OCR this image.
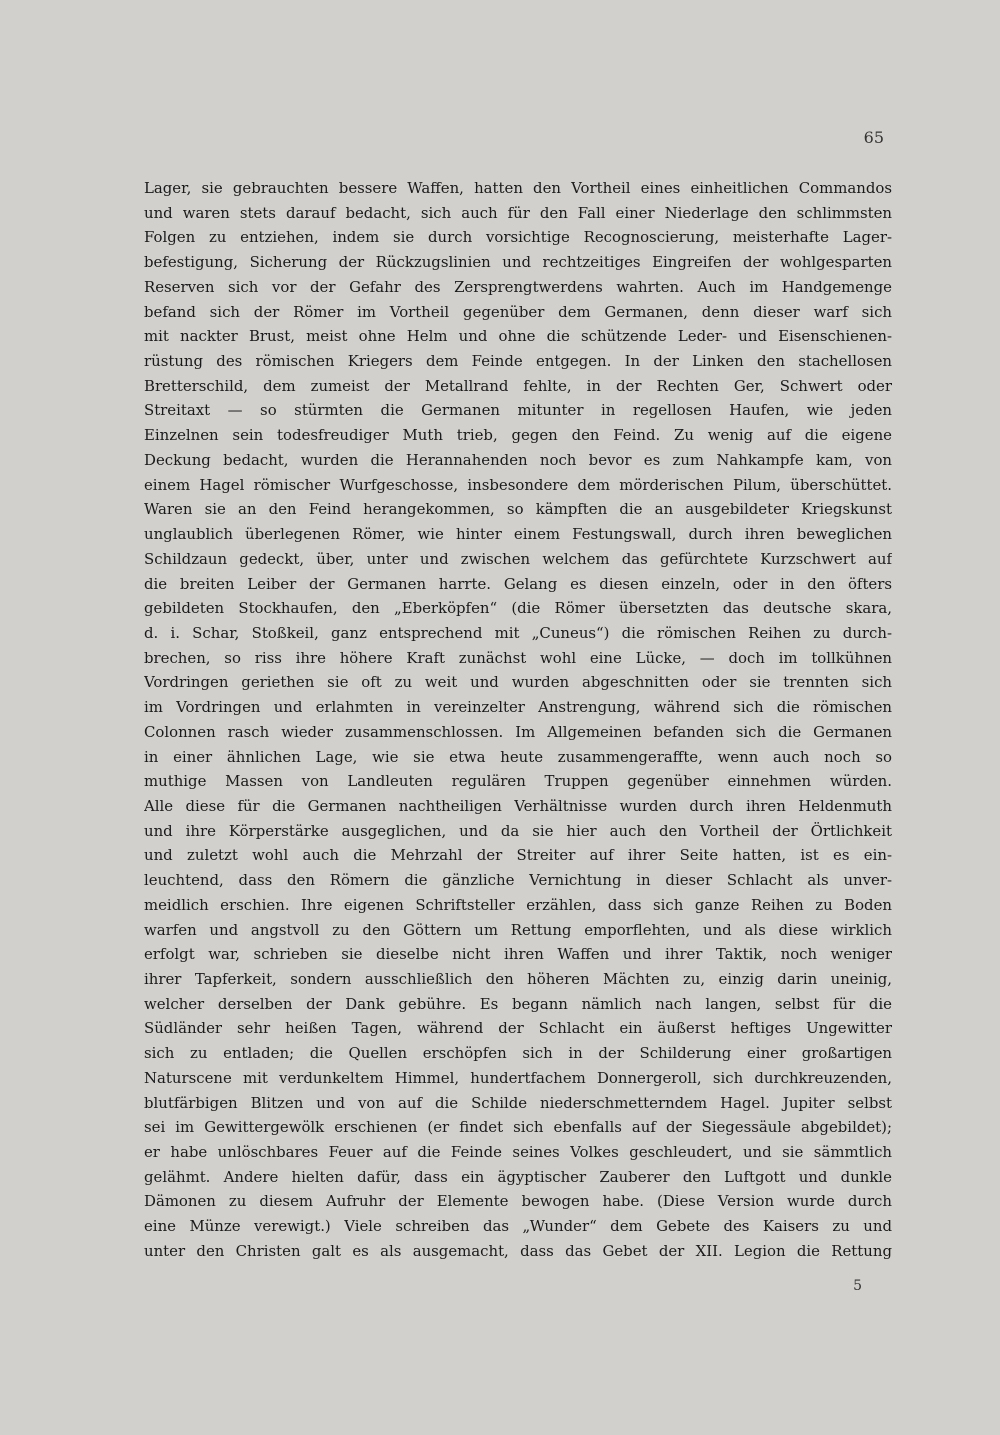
65
Lager, sie gebrauchten bessere Waffen, hatten den Vortheil eines einheitlichen Commandos
und waren stets darauf bedacht, sich auch für den Fall einer Niederlage den schlimmsten
Folgen zu entziehen, indem sie durch vorsichtige Recognoscierung, meisterhafte Lager-
befestigung, Sicherung der Rückzugslinien und rechtzeitiges Eingreifen der wohlgesparten
Reserven sich vor der Gefahr des Zersprengtwerdens wahrten. Auch im Handgemenge
befand sich der Römer im Vortheil gegenüber dem Germanen, denn dieser warf sich
mit nackter Brust, meist ohne Helm und ohne die schützende Leder- und Eisenschienen-
rüstung des römischen Kriegers dem Feinde entgegen. In der Linken den stachellosen
Bretterschild, dem zumeist der Metallrand fehlte, in der Rechten Ger, Schwert oder
Streitaxt — so stürmten die Germanen mitunter in regellosen Haufen, wie jeden
Einzelnen sein todesfreudiger Muth trieb, gegen den Feind. Zu wenig auf die eigene
Deckung bedacht, wurden die Herannahenden noch bevor es zum Nahkampfe kam, von
einem Hagel römischer Wurfgeschosse, insbesondere dem mörderischen Pilum, überschüttet.
Waren sie an den Feind herangekommen, so kämpften die an ausgebildeter Kriegskunst
unglaublich überlegenen Römer, wie hinter einem Festungswall, durch ihren beweglichen
Schildzaun gedeckt, über, unter und zwischen welchem das gefürchtete Kurzschwert auf
die breiten Leiber der Germanen harrte. Gelang es diesen einzeln, oder in den öfters
gebildeten Stockhaufen, den „Eberköpfen“ (die Römer übersetzten das deutsche skara,
d. i. Schar, Stoßkeil, ganz entsprechend mit „Cuneus“) die römischen Reihen zu durch-
brechen, so riss ihre höhere Kraft zunächst wohl eine Lücke, — doch im tollkühnen
Vordringen geriethen sie oft zu weit und wurden abgeschnitten oder sie trennten sich
im Vordringen und erlahmten in vereinzelter Anstrengung, während sich die römischen
Colonnen rasch wieder zusammenschlossen. Im Allgemeinen befanden sich die Germanen
in einer ähnlichen Lage, wie sie etwa heute zusammengeraffte, wenn auch noch so
muthige Massen von Landleuten regulären Truppen gegenüber einnehmen würden.
Alle diese für die Germanen nachtheiligen Verhältnisse wurden durch ihren Heldenmuth
und ihre Körperstärke ausgeglichen, und da sie hier auch den Vortheil der Örtlichkeit
und zuletzt wohl auch die Mehrzahl der Streiter auf ihrer Seite hatten, ist es ein-
leuchtend, dass den Römern die gänzliche Vernichtung in dieser Schlacht als unver-
meidlich erschien. Ihre eigenen Schriftsteller erzählen, dass sich ganze Reihen zu Boden
warfen und angstvoll zu den Göttern um Rettung emporflehten, und als diese wirklich
erfolgt war, schrieben sie dieselbe nicht ihren Waffen und ihrer Taktik, noch weniger
ihrer Tapferkeit, sondern ausschließlich den höheren Mächten zu, einzig darin uneinig,
welcher derselben der Dank gebühre. Es begann nämlich nach langen, selbst für die
Südländer sehr heißen Tagen, während der Schlacht ein äußerst heftiges Ungewitter
sich zu entladen; die Quellen erschöpfen sich in der Schilderung einer großartigen
Naturscene mit verdunkeltem Himmel, hundertfachem Donnergeroll, sich durchkreuzenden,
blutfärbigen Blitzen und von auf die Schilde niederschmetterndem Hagel. Jupiter selbst
sei im Gewittergewölk erschienen (er findet sich ebenfalls auf der Siegessäule abgebildet);
er habe unlöschbares Feuer auf die Feinde seines Volkes geschleudert, und sie sämmtlich
gelähmt. Andere hielten dafür, dass ein ägyptischer Zauberer den Luftgott und dunkle
Dämonen zu diesem Aufruhr der Elemente bewogen habe. (Diese Version wurde durch
eine Münze verewigt.) Viele schreiben das „Wunder“ dem Gebete des Kaisers zu und
unter den Christen galt es als ausgemacht, dass das Gebet der XII. Legion die Rettung
5
